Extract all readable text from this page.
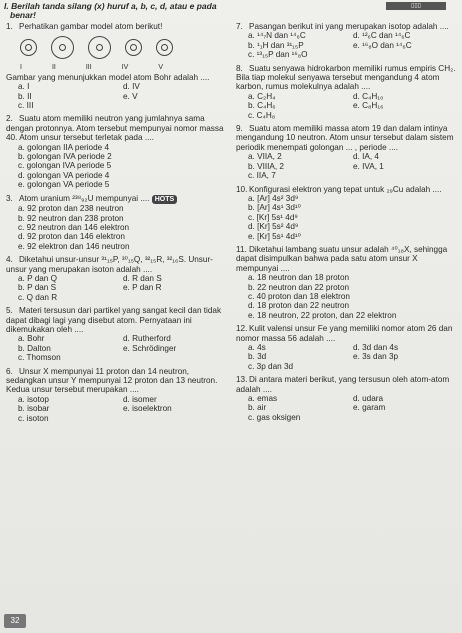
I. Berilah tanda silang (x) huruf a, b, c, d, atau e pada
benar!
▯▯▯
1. Perhatikan gambar model atom berikut!
I	II	III	IV	V
Gambar yang menunjukkan model atom Bohr adalah ....
a. I	d. IV
b. II	e. V
c. III
2. Suatu atom memiliki neutron yang jumlahnya sama dengan protonnya. Atom tersebut mempunyai nomor massa 40. Atom unsur tersebut terletak pada ....
a. golongan IIA periode 4
b. golongan IVA periode 2
c. golongan IVA periode 5
d. golongan VA periode 4
e. golongan VA periode 5
3. Atom uranium ²³⁸₉₂U mempunyai .... HOTS
a. 92 proton dan 238 neutron
b. 92 neutron dan 238 proton
c. 92 neutron dan 146 elektron
d. 92 proton dan 146 elektron
e. 92 elektron dan 146 neutron
4. Diketahui unsur-unsur ³¹₁₅P, ³⁰₁₅Q, ³²₁₅R, ³²₁₆S. Unsur-unsur yang merupakan isoton adalah ....
a. P dan Q	d. R dan S
b. P dan S	e. P dan R
c. Q dan R
5. Materi tersusun dari partikel yang sangat kecil dan tidak dapat dibagi lagi yang disebut atom. Pernyataan ini dikemukakan oleh ....
a. Bohr	d. Rutherford
b. Dalton	e. Schrödinger
c. Thomson
6. Unsur X mempunyai 11 proton dan 14 neutron, sedangkan unsur Y mempunyai 12 proton dan 13 neutron. Kedua unsur tersebut merupakan ....
a. isotop	d. isomer
b. isobar	e. isoelektron
c. isoton
7. Pasangan berikut ini yang merupakan isotop adalah ....
a. ¹⁴₇N dan ¹⁴₆C	d. ¹²₆C dan ¹⁴₆C
b. ¹₁H dan ³¹₁₅P	e. ¹⁶₈O dan ¹⁴₆C
c. ¹³₁₅P dan ¹⁶₈O
8. Suatu senyawa hidrokarbon memiliki rumus empiris CH₂. Bila tiap molekul senyawa tersebut mengandung 4 atom karbon, rumus molekulnya adalah ....
a. C₂H₄	d. C₄H₁₀
b. C₄H₆	e. C₈H₁₆
c. C₄H₈
9. Suatu atom memiliki massa atom 19 dan dalam intinya mengandung 10 neutron. Atom unsur tersebut dalam sistem periodik menempati golongan ... , periode ....
a. VIIA, 2	d. IA, 4
b. VIIIA, 2	e. IVA, 1
c. IIA, 7
10. Konfigurasi elektron yang tepat untuk ₂₉Cu adalah ....
a. [Ar] 4s² 3d⁹
b. [Ar] 4s¹ 3d¹⁰
c. [Kr] 5s¹ 4d⁹
d. [Kr] 5s² 4d⁹
e. [Kr] 5s¹ 4d¹⁰
11. Diketahui lambang suatu unsur adalah ⁴⁰₁₈X, sehingga dapat disimpulkan bahwa pada satu atom unsur X mempunyai ....
a. 18 neutron dan 18 proton
b. 22 neutron dan 22 proton
c. 40 proton dan 18 elektron
d. 18 proton dan 22 neutron
e. 18 neutron, 22 proton, dan 22 elektron
12. Kulit valensi unsur Fe yang memiliki nomor atom 26 dan nomor massa 56 adalah ....
a. 4s	d. 3d dan 4s
b. 3d	e. 3s dan 3p
c. 3p dan 3d
13. Di antara materi berikut, yang tersusun oleh atom-atom adalah ....
a. emas	d. udara
b. air	e. garam
c. gas oksigen
32
